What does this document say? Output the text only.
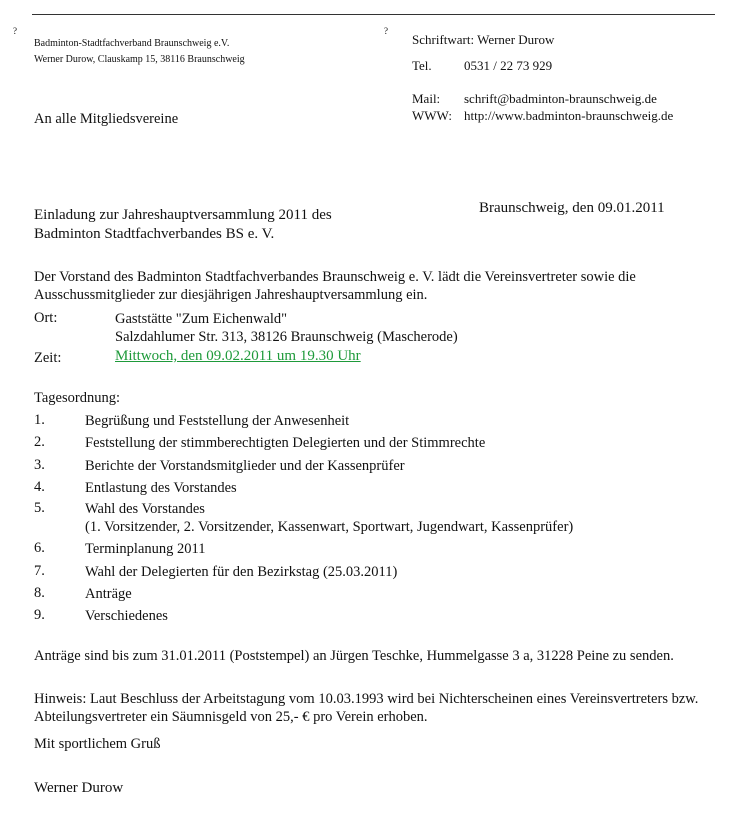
?	?
Badminton-Stadtfachverband Braunschweig e.V.
Werner Durow, Clauskamp 15, 38116 Braunschweig
Schriftwart: Werner Durow
Tel. 0531 / 22 73 929
Mail: schrift@badminton-braunschweig.de
WWW: http://www.badminton-braunschweig.de
An alle Mitgliedsvereine
Braunschweig, den 09.01.2011
Einladung zur Jahreshauptversammlung 2011 des
Badminton Stadtfachverbandes BS e. V.
Der Vorstand des Badminton Stadtfachverbandes Braunschweig e. V. lädt die Vereinsvertreter sowie die Ausschussmitglieder zur diesjährigen Jahreshauptversammlung ein.
Ort:	Gaststätte "Zum Eichenwald"
Salzdahlumer Str. 313, 38126 Braunschweig (Mascherode)
Zeit:	Mittwoch, den 09.02.2011 um 19.30 Uhr
Tagesordnung:
1.	Begrüßung und Feststellung der Anwesenheit
2.	Feststellung der stimmberechtigten Delegierten und der Stimmrechte
3.	Berichte der Vorstandsmitglieder und der Kassenprüfer
4.	Entlastung des Vorstandes
5.	Wahl des Vorstandes
(1. Vorsitzender, 2. Vorsitzender, Kassenwart, Sportwart, Jugendwart, Kassenprüfer)
6.	Terminplanung 2011
7.	Wahl der Delegierten für den Bezirkstag (25.03.2011)
8.	Anträge
9.	Verschiedenes
Anträge sind bis zum 31.01.2011 (Poststempel) an Jürgen Teschke, Hummelgasse 3 a, 31228 Peine zu senden.
Hinweis: Laut Beschluss der Arbeitstagung vom 10.03.1993 wird bei Nichterscheinen eines Vereinsvertreters bzw. Abteilungsvertreter ein Säumnisgeld von 25,- € pro Verein erhoben.
Mit sportlichem Gruß
Werner Durow
